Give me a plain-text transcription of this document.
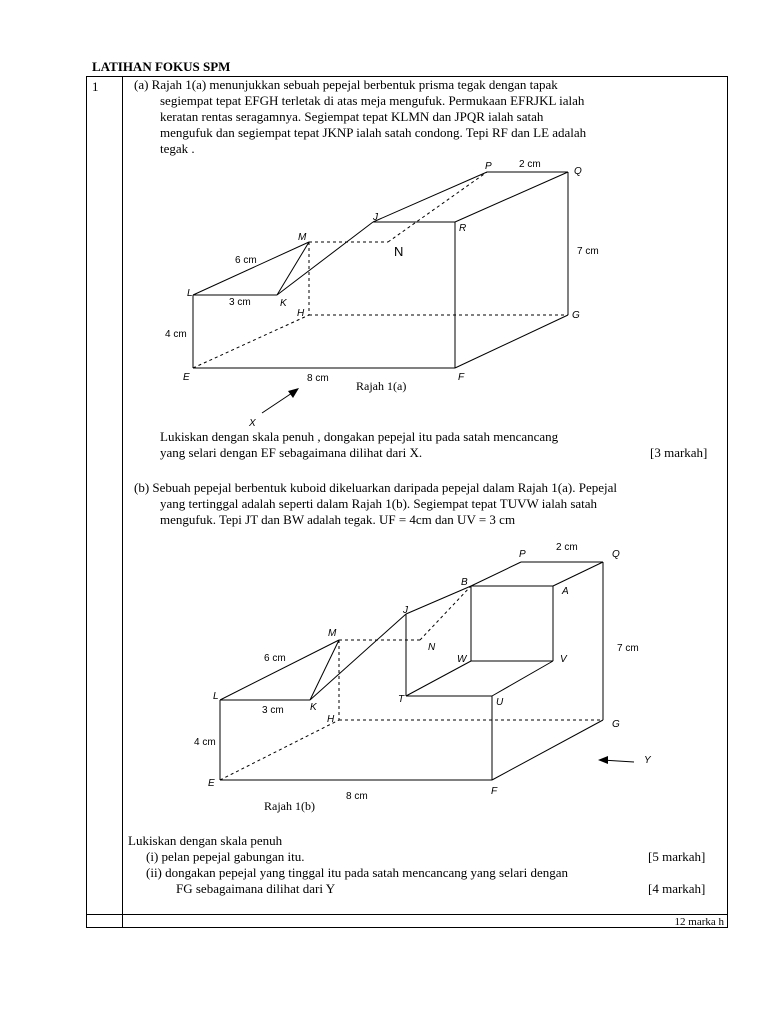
LATIHAN FOKUS SPM
1	(a) Rajah 1(a) menunjukkan sebuah pepejal berbentuk prisma tegak dengan tapak
segiempat tepat EFGH terletak di atas meja mengufuk. Permukaan EFRJKL ialah
keratan rentas seragamnya. Segiempat tepat KLMN dan JPQR ialah satah
mengufuk dan segiempat tepat JKNP ialah satah condong. Tepi RF dan LE adalah
tegak .
P	Q
2 cm
J
R
M
N	7 cm
6 cm
L
3 cm	K
H	G
4 cm
E	8 cm	F
Rajah 1(a)
X
Lukiskan dengan skala penuh , dongakan pepejal itu pada satah mencancang
yang selari dengan EF sebagaimana dilihat dari X.	[3 markah]
(b) Sebuah pepejal berbentuk kuboid dikeluarkan daripada pepejal dalam Rajah 1(a). Pepejal
yang tertinggal adalah seperti dalam Rajah 1(b). Segiempat tepat TUVW ialah satah
mengufuk. Tepi JT dan BW adalah tegak. UF = 4cm dan UV = 3 cm
2 cm
P	Q
B
A
J
M
N	7 cm
6 cm	W	V
T	U
L
3 cm	K
H	G
4 cm
Y
E
F
8 cm
Rajah 1(b)
Lukiskan dengan skala penuh
(i) pelan pepejal gabungan itu.	[5 markah]
(ii) dongakan pepejal yang tinggal itu pada satah mencancang yang selari dengan
FG sebagaimana dilihat dari Y	[4 markah]
12 marka h
